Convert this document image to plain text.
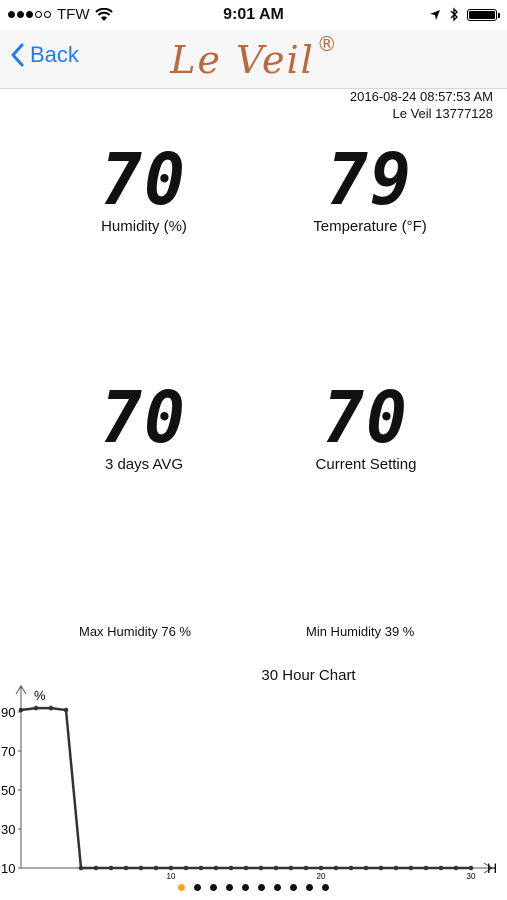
TFW	9:01 AM
Back	Le Veil ®
2016-08-24 08:57:53 AM
Le Veil 13777128
70
Humidity (%)
79
Temperature (°F)
70
3 days AVG
70
Current Setting
Max Humidity 76 %	Min Humidity 39 %
30 Hour Chart
%
H
90
70
50
30
10
10	20	30
